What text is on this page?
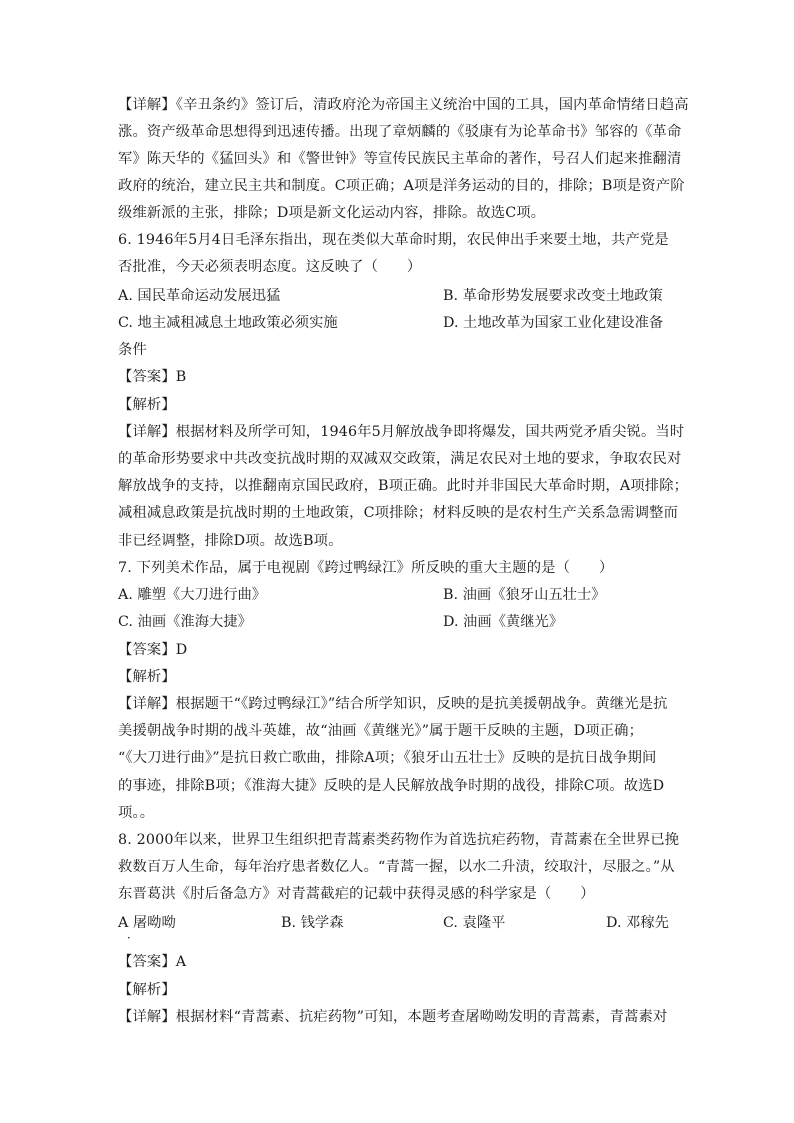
【详解】《辛丑条约》签订后，清政府沦为帝国主义统治中国的工具，国内革命情绪日趋高
涨。资产级革命思想得到迅速传播。出现了章炳麟的《驳康有为论革命书》邹容的《革命
军》陈天华的《猛回头》和《警世钟》等宣传民族民主革命的著作，号召人们起来推翻清
政府的统治，建立民主共和制度。C项正确；A项是洋务运动的目的，排除；B项是资产阶
级维新派的主张，排除；D项是新文化运动内容，排除。故选C项。
6. 1946年5月4日毛泽东指出，现在类似大革命时期，农民伸出手来要土地，共产党是
否批准，今天必须表明态度。这反映了（　　）
A. 国民革命运动发展迅猛	B. 革命形势发展要求改变土地政策
C. 地主减租减息土地政策必须实施	D. 土地改革为国家工业化建设准备
条件
【答案】B
【解析】
【详解】根据材料及所学可知，1946年5月解放战争即将爆发，国共两党矛盾尖锐。当时
的革命形势要求中共改变抗战时期的双减双交政策，满足农民对土地的要求，争取农民对
解放战争的支持，以推翻南京国民政府，B项正确。此时并非国民大革命时期，A项排除；
减租减息政策是抗战时期的土地政策，C项排除；材料反映的是农村生产关系急需调整而
非已经调整，排除D项。故选B项。
7. 下列美术作品，属于电视剧《跨过鸭绿江》所反映的重大主题的是（　　）
A. 雕塑《大刀进行曲》	B. 油画《狼牙山五壮士》
C. 油画《淮海大捷》	D. 油画《黄继光》
【答案】D
【解析】
【详解】根据题干“《跨过鸭绿江》”结合所学知识，反映的是抗美援朝战争。黄继光是抗
美援朝战争时期的战斗英雄，故“油画《黄继光》”属于题干反映的主题，D项正确；
“《大刀进行曲》”是抗日救亡歌曲，排除A项；《狼牙山五壮士》反映的是抗日战争期间
的事迹，排除B项；《淮海大捷》反映的是人民解放战争时期的战役，排除C项。故选D
项。。
8. 2000年以来，世界卫生组织把青蒿素类药物作为首选抗疟药物，青蒿素在全世界已挽
救数百万人生命，每年治疗患者数亿人。“青蒿一握，以水二升渍，绞取汁，尽服之。”从
东晋葛洪《肘后备急方》对青蒿截疟的记载中获得灵感的科学家是（　　）
A 屠呦呦
·
B. 钱学森	C. 袁隆平	D. 邓稼先
【答案】A
【解析】
【详解】根据材料“青蒿素、抗疟药物”可知，本题考查屠呦呦发明的青蒿素，青蒿素对
